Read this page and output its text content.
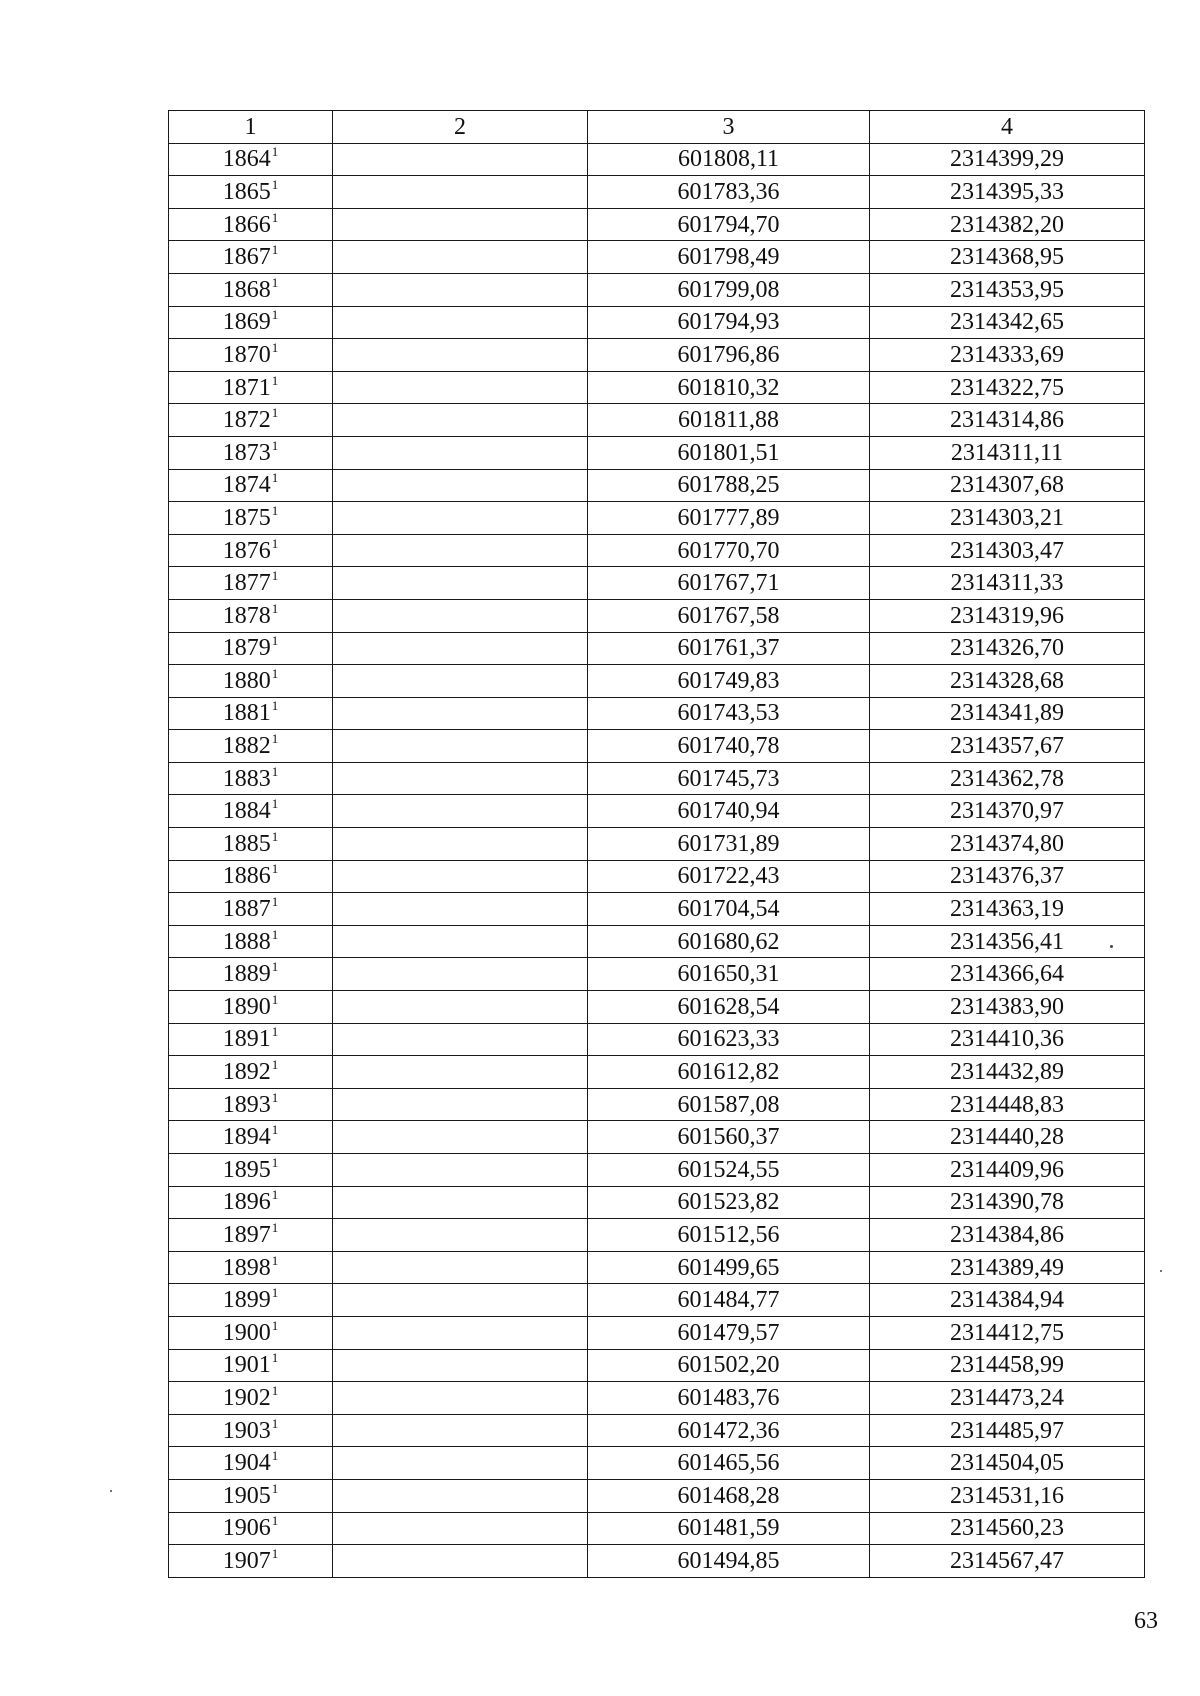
1	2	3	4
1864$^1$		601808,11	2314399,29
1865$^1$		601783,36	2314395,33
1866$^1$		601794,70	2314382,20
1867$^1$		601798,49	2314368,95
1868$^1$		601799,08	2314353,95
1869$^1$		601794,93	2314342,65
1870$^1$		601796,86	2314333,69
1871$^1$		601810,32	2314322,75
1872$^1$		601811,88	2314314,86
1873$^1$		601801,51	2314311,11
1874$^1$		601788,25	2314307,68
1875$^1$		601777,89	2314303,21
1876$^1$		601770,70	2314303,47
1877$^1$		601767,71	2314311,33
1878$^1$		601767,58	2314319,96
1879$^1$		601761,37	2314326,70
1880$^1$		601749,83	2314328,68
1881$^1$		601743,53	2314341,89
1882$^1$		601740,78	2314357,67
1883$^1$		601745,73	2314362,78
1884$^1$		601740,94	2314370,97
1885$^1$		601731,89	2314374,80
1886$^1$		601722,43	2314376,37
1887$^1$		601704,54	2314363,19
1888$^1$		601680,62	2314356,41
1889$^1$		601650,31	2314366,64
1890$^1$		601628,54	2314383,90
1891$^1$		601623,33	2314410,36
1892$^1$		601612,82	2314432,89
1893$^1$		601587,08	2314448,83
1894$^1$		601560,37	2314440,28
1895$^1$		601524,55	2314409,96
1896$^1$		601523,82	2314390,78
1897$^1$		601512,56	2314384,86
1898$^1$		601499,65	2314389,49
1899$^1$		601484,77	2314384,94
1900$^1$		601479,57	2314412,75
1901$^1$		601502,20	2314458,99
1902$^1$		601483,76	2314473,24
1903$^1$		601472,36	2314485,97
1904$^1$		601465,56	2314504,05
1905$^1$		601468,28	2314531,16
1906$^1$		601481,59	2314560,23
1907$^1$		601494,85	2314567,47
63
